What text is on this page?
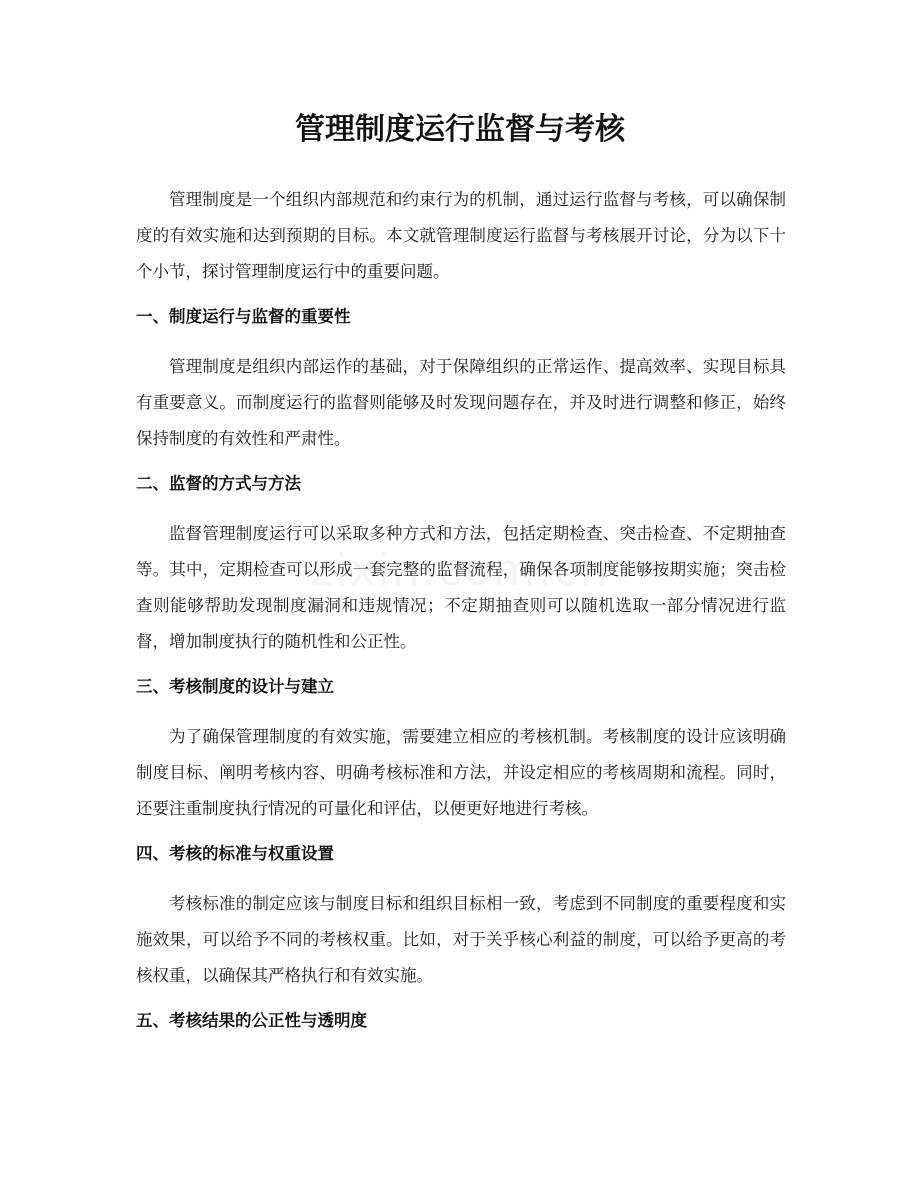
管理制度运行监督与考核

管理制度是一个组织内部规范和约束行为的机制，通过运行监督与考核，可以确保制度的有效实施和达到预期的目标。本文就管理制度运行监督与考核展开讨论，分为以下十个小节，探讨管理制度运行中的重要问题。

一、制度运行与监督的重要性

管理制度是组织内部运作的基础，对于保障组织的正常运作、提高效率、实现目标具有重要意义。而制度运行的监督则能够及时发现问题存在，并及时进行调整和修正，始终保持制度的有效性和严肃性。

二、监督的方式与方法

监督管理制度运行可以采取多种方式和方法，包括定期检查、突击检查、不定期抽查等。其中，定期检查可以形成一套完整的监督流程，确保各项制度能够按期实施；突击检查则能够帮助发现制度漏洞和违规情况；不定期抽查则可以随机选取一部分情况进行监督，增加制度执行的随机性和公正性。

三、考核制度的设计与建立

为了确保管理制度的有效实施，需要建立相应的考核机制。考核制度的设计应该明确制度目标、阐明考核内容、明确考核标准和方法，并设定相应的考核周期和流程。同时，还要注重制度执行情况的可量化和评估，以便更好地进行考核。

四、考核的标准与权重设置

考核标准的制定应该与制度目标和组织目标相一致，考虑到不同制度的重要程度和实施效果，可以给予不同的考核权重。比如，对于关乎核心利益的制度，可以给予更高的考核权重，以确保其严格执行和有效实施。

五、考核结果的公正性与透明度
